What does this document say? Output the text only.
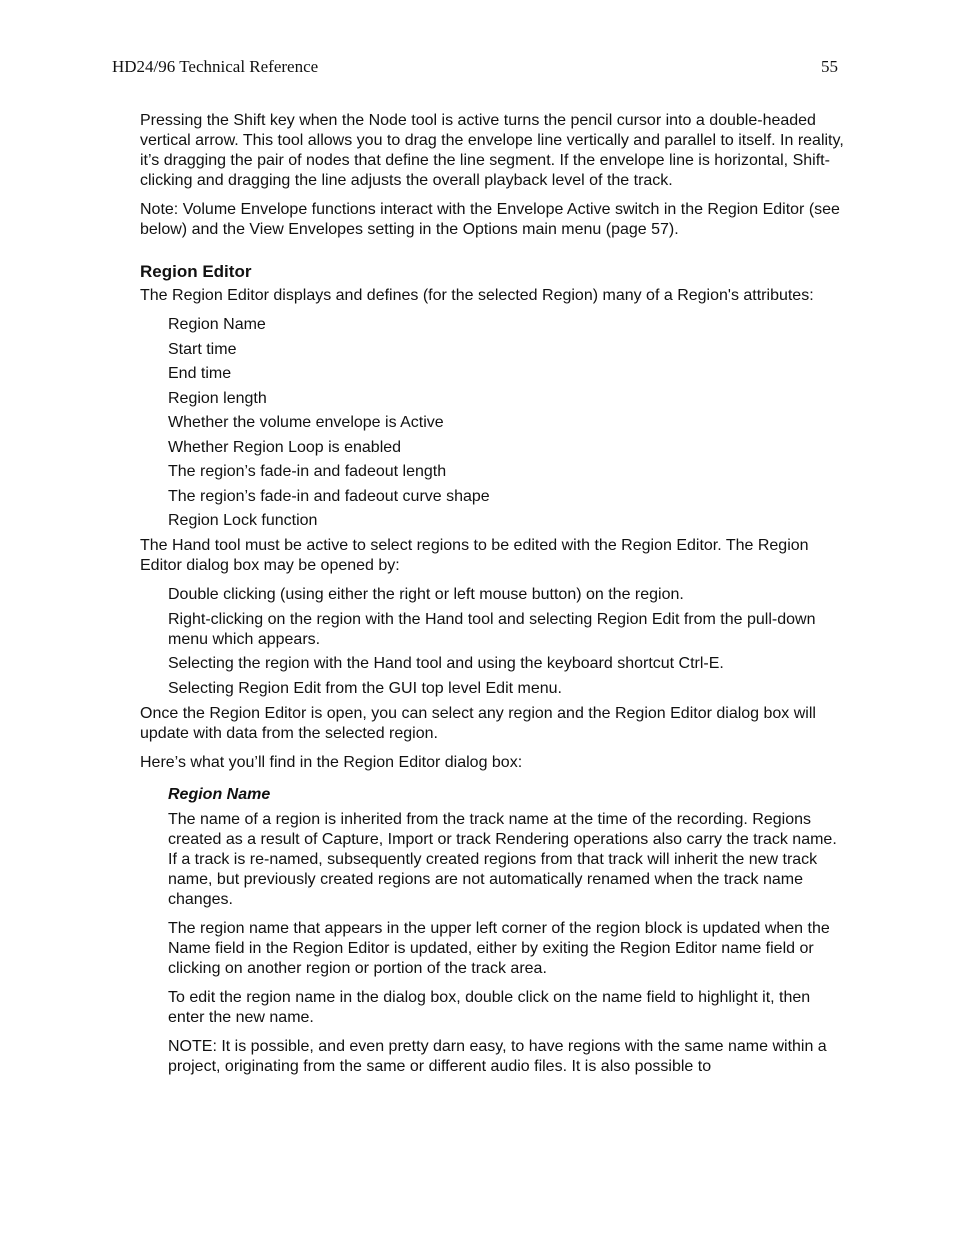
HD24/96 Technical Reference	55

Pressing the Shift key when the Node tool is active turns the pencil cursor into a double-headed vertical arrow. This tool allows you to drag the envelope line vertically and parallel to itself. In reality, it’s dragging the pair of nodes that define the line segment. If the envelope line is horizontal, Shift-clicking and dragging the line adjusts the overall playback level of the track.

Note: Volume Envelope functions interact with the Envelope Active switch in the Region Editor (see below) and the View Envelopes setting in the Options main menu (page 57).

Region Editor

The Region Editor displays and defines (for the selected Region) many of a Region's attributes:

Region Name
Start time
End time
Region length
Whether the volume envelope is Active
Whether Region Loop is enabled
The region’s fade-in and fadeout length
The region’s fade-in and fadeout curve shape
Region Lock function

The Hand tool must be active to select regions to be edited with the Region Editor. The Region Editor dialog box may be opened by:

Double clicking (using either the right or left mouse button) on the region.
Right-clicking on the region with the Hand tool and selecting Region Edit from the pull-down menu which appears.
Selecting the region with the Hand tool and using the keyboard shortcut Ctrl-E.
Selecting Region Edit from the GUI top level Edit menu.

Once the Region Editor is open, you can select any region and the Region Editor dialog box will update with data from the selected region.

Here’s what you’ll find in the Region Editor dialog box:

Region Name

The name of a region is inherited from the track name at the time of the recording. Regions created as a result of Capture, Import or track Rendering operations also carry the track name. If a track is re-named, subsequently created regions from that track will inherit the new track name, but previously created regions are not automatically renamed when the track name changes.

The region name that appears in the upper left corner of the region block is updated when the Name field in the Region Editor is updated, either by exiting the Region Editor name field or clicking on another region or portion of the track area.

To edit the region name in the dialog box, double click on the name field to highlight it, then enter the new name.

NOTE: It is possible, and even pretty darn easy, to have regions with the same name within a project, originating from the same or different audio files. It is also possible to
